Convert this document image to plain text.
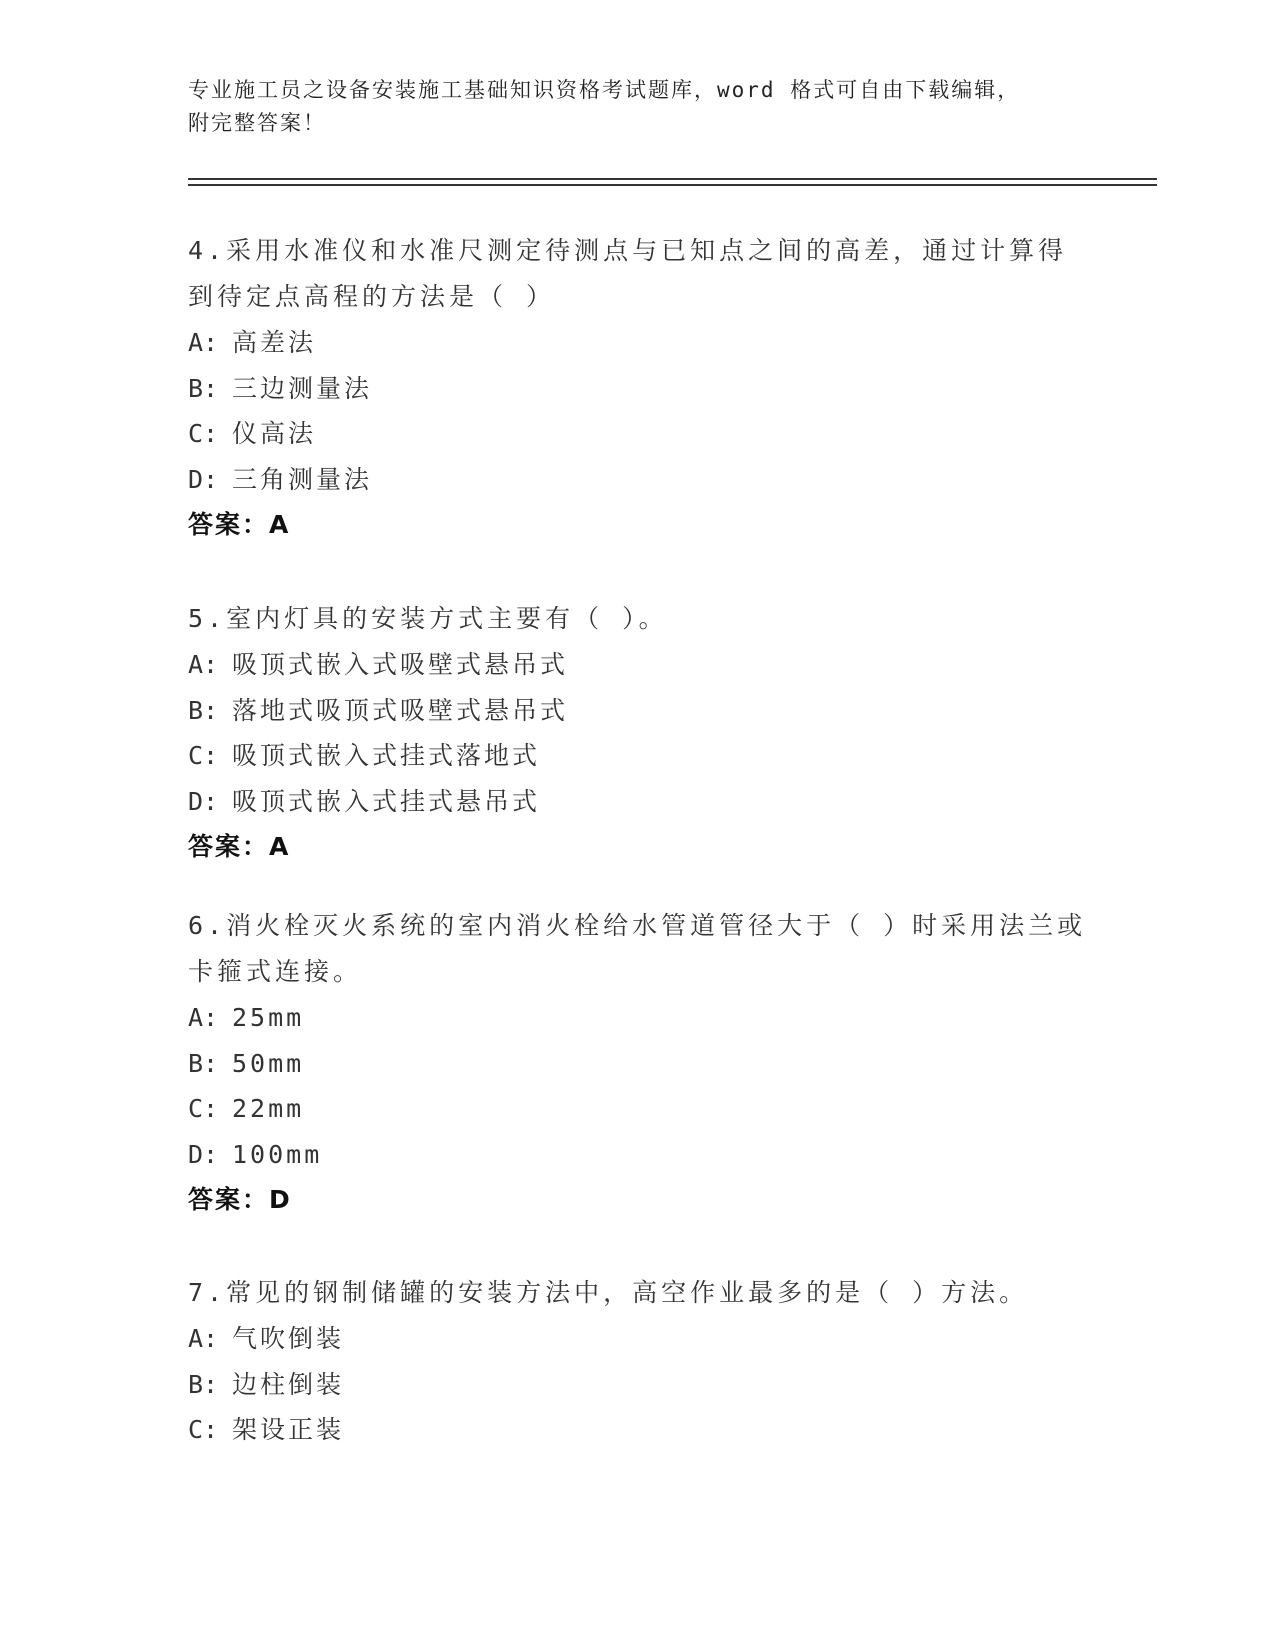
专业施工员之设备安装施工基础知识资格考试题库，word 格式可自由下载编辑，
附完整答案！

4.采用水准仪和水准尺测定待测点与已知点之间的高差，通过计算得

到待定点高程的方法是（ ）

A: 高差法

B: 三边测量法

C: 仪高法

D: 三角测量法

答案：A

5.室内灯具的安装方式主要有（ ）。

A: 吸顶式嵌入式吸壁式悬吊式

B: 落地式吸顶式吸壁式悬吊式

C: 吸顶式嵌入式挂式落地式

D: 吸顶式嵌入式挂式悬吊式

答案：A

6.消火栓灭火系统的室内消火栓给水管道管径大于（ ）时采用法兰或

卡箍式连接。

A: 25mm

B: 50mm

C: 22mm

D: 100mm

答案：D

7.常见的钢制储罐的安装方法中，高空作业最多的是（ ）方法。

A: 气吹倒装

B: 边柱倒装

C: 架设正装
